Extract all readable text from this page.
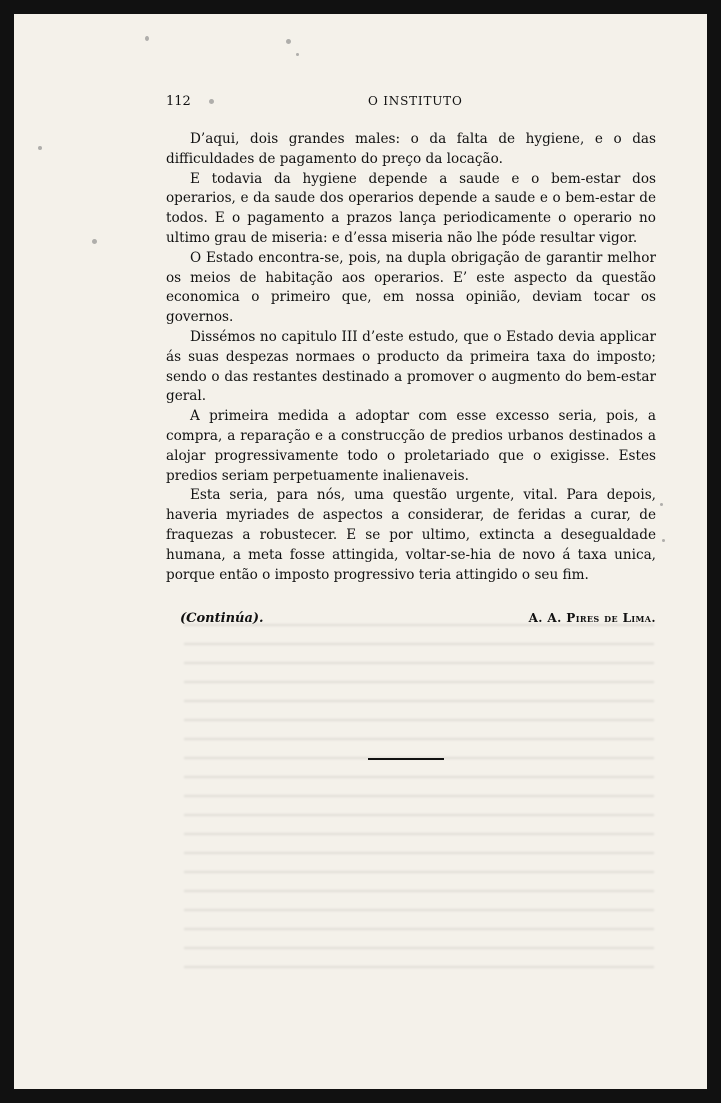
112	O INSTITUTO

D’aqui, dois grandes males: o da falta de hygiene, e o das difficuldades de pagamento do preço da locação.

E todavia da hygiene depende a saude e o bem-estar dos operarios, e da saude dos operarios depende a saude e o bem-estar de todos. E o pagamento a prazos lança periodicamente o operario no ultimo grau de miseria: e d’essa miseria não lhe póde resultar vigor.

O Estado encontra-se, pois, na dupla obrigação de garantir melhor os meios de habitação aos operarios. E’ este aspecto da questão economica o primeiro que, em nossa opinião, deviam tocar os governos.

Dissémos no capitulo III d’este estudo, que o Estado devia applicar ás suas despezas normaes o producto da primeira taxa do imposto; sendo o das restantes destinado a promover o augmento do bem-estar geral.

A primeira medida a adoptar com esse excesso seria, pois, a compra, a reparação e a construcção de predios urbanos destinados a alojar progressivamente todo o proletariado que o exigisse. Estes predios seriam perpetuamente inalienaveis.

Esta seria, para nós, uma questão urgente, vital. Para depois, haveria myriades de aspectos a considerar, de feridas a curar, de fraquezas a robustecer. E se por ultimo, extincta a desegualdade humana, a meta fosse attingida, voltar-se-hia de novo á taxa unica, porque então o imposto progressivo teria attingido o seu fim.

(Continúa).	A. A. Pires de Lima.
